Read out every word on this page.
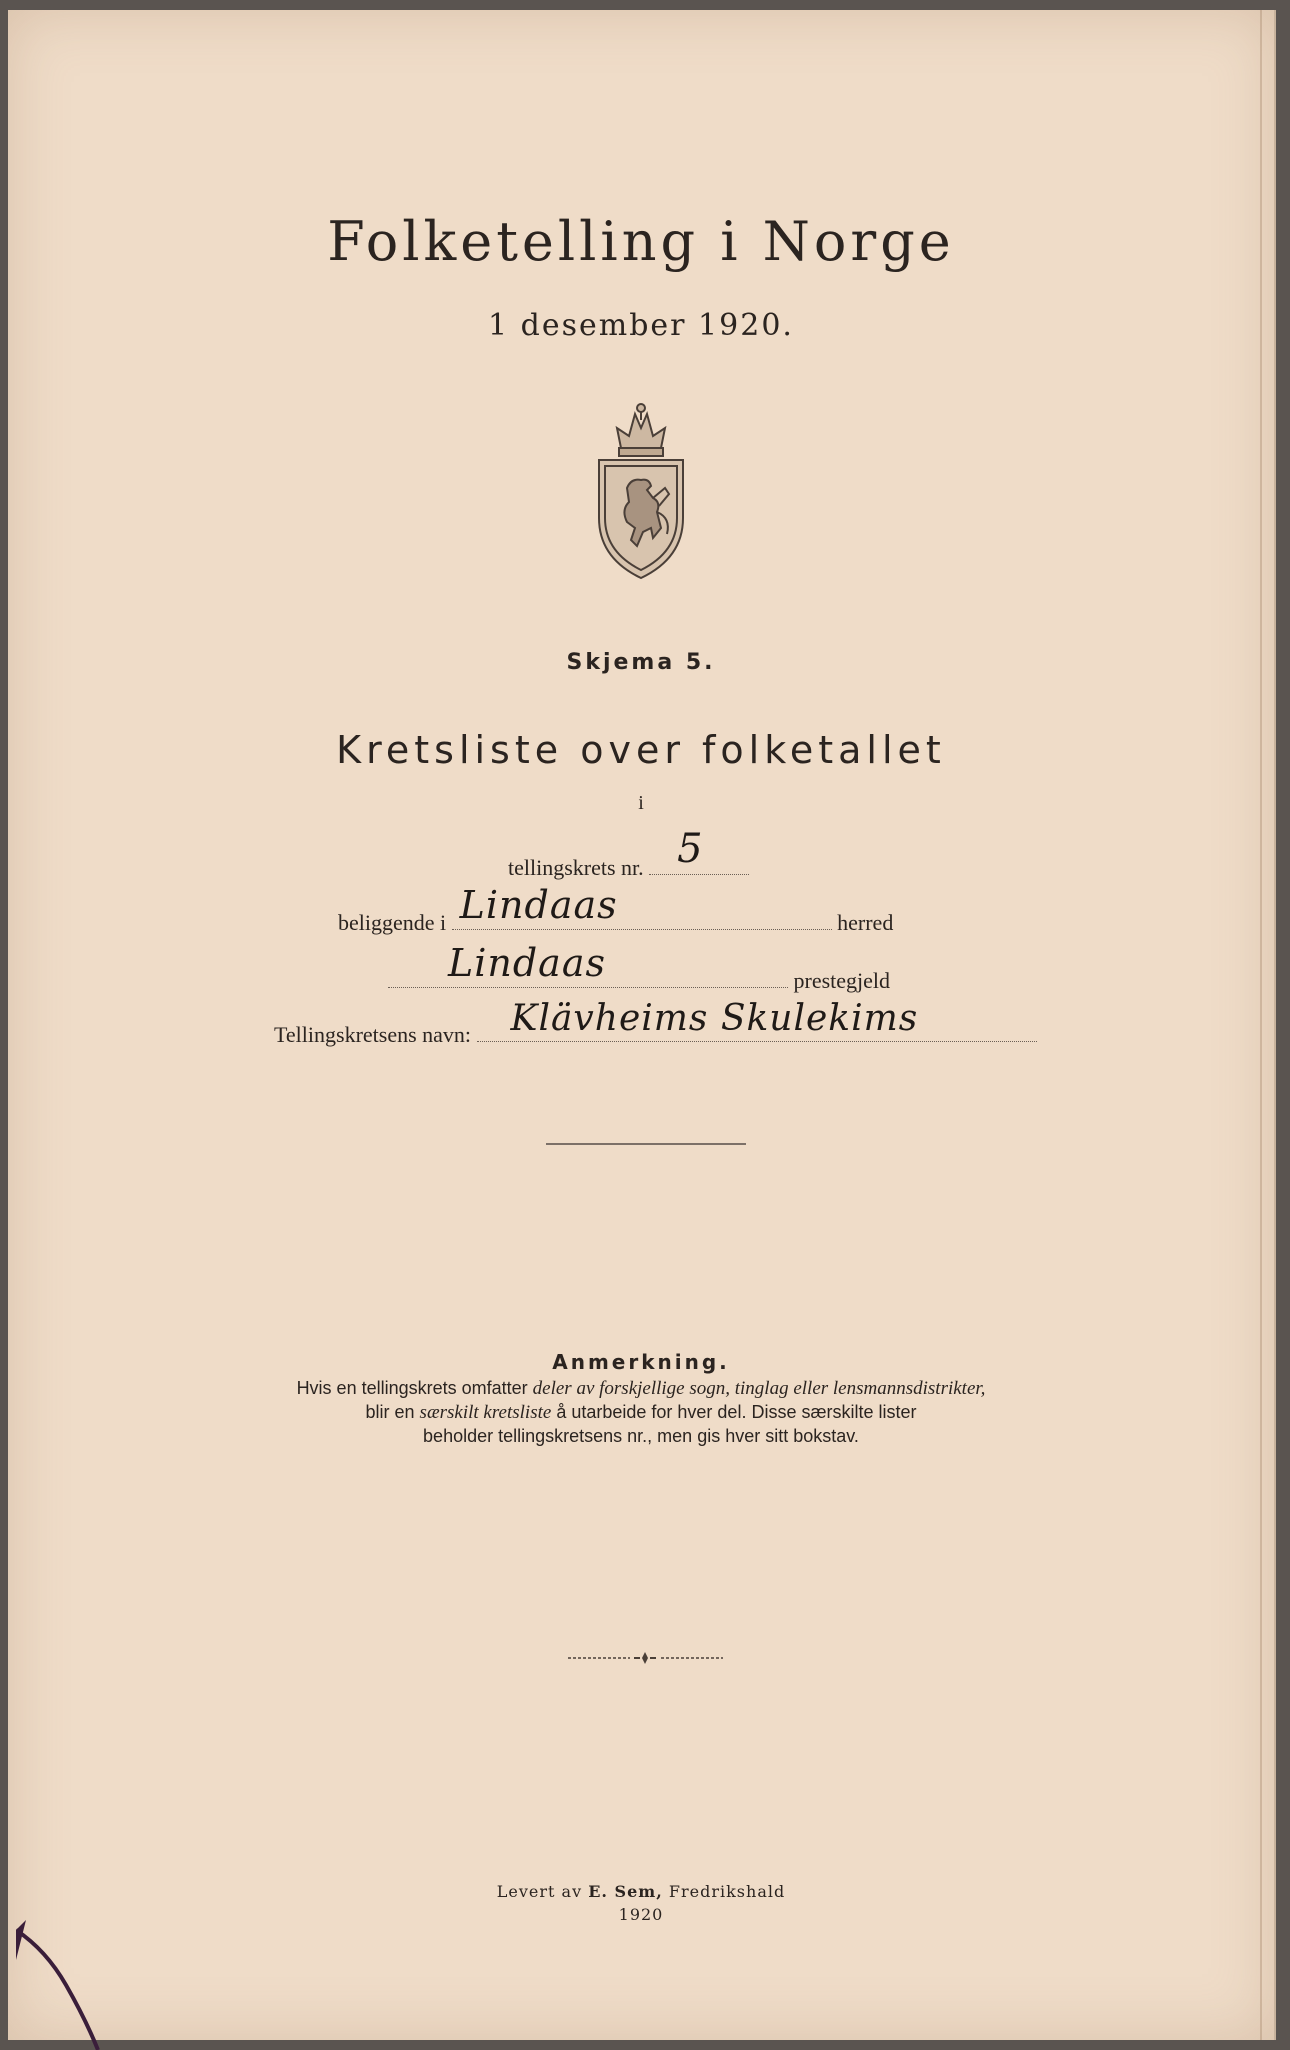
Folketelling i Norge
1 desember 1920.
Skjema 5.
Kretsliste over folketallet
i
tellingskrets nr. 5
beliggende i Lindaas	herred
Lindaas	prestegjeld
Tellingskretsens navn: Klävheims Skulekims
Anmerkning.
Hvis en tellingskrets omfatter deler av forskjellige sogn, tinglag eller lensmannsdistrikter,
blir en særskilt kretsliste å utarbeide for hver del. Disse særskilte lister
beholder tellingskretsens nr., men gis hver sitt bokstav.
Levert av E. Sem, Fredrikshald
1920
